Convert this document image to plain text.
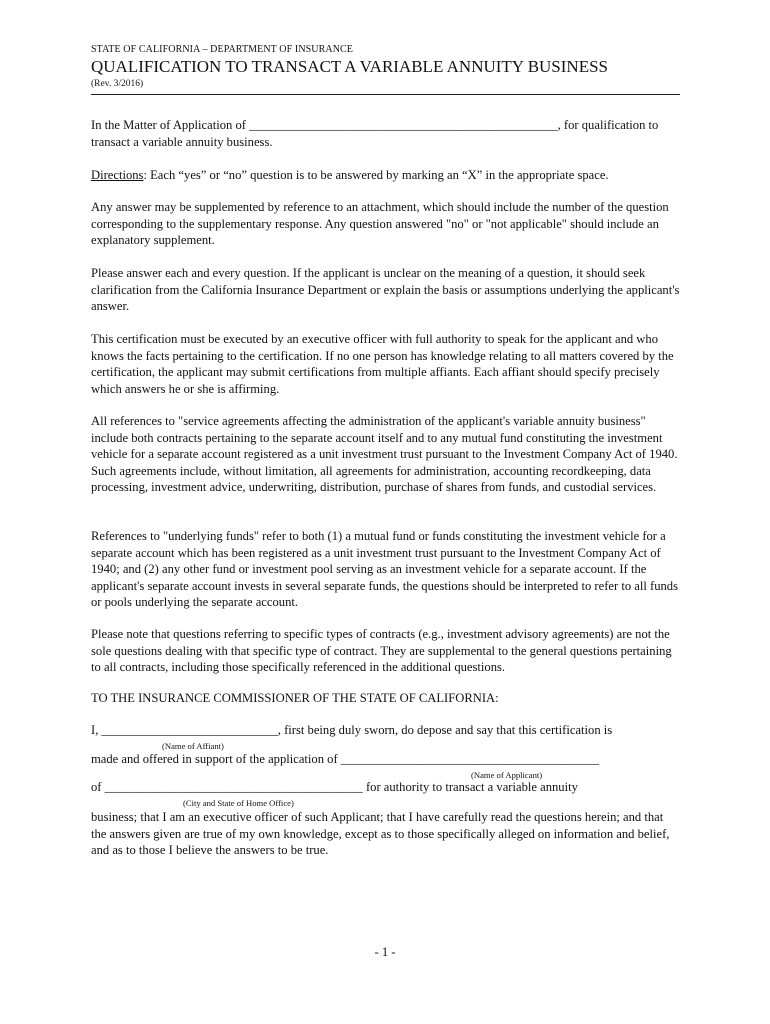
STATE OF CALIFORNIA – DEPARTMENT OF INSURANCE
QUALIFICATION TO TRANSACT A VARIABLE ANNUITY BUSINESS
(Rev. 3/2016)

In the Matter of Application of _________________________________________________, for qualification to transact a variable annuity business.

Directions: Each “yes” or “no” question is to be answered by marking an “X” in the appropriate space.

Any answer may be supplemented by reference to an attachment, which should include the number of the question corresponding to the supplementary response. Any question answered "no" or "not applicable" should include an explanatory supplement.

Please answer each and every question. If the applicant is unclear on the meaning of a question, it should seek clarification from the California Insurance Department or explain the basis or assumptions underlying the applicant's answer.

This certification must be executed by an executive officer with full authority to speak for the applicant and who knows the facts pertaining to the certification. If no one person has knowledge relating to all matters covered by the certification, the applicant may submit certifications from multiple affiants. Each affiant should specify precisely which answers he or she is affirming.

All references to "service agreements affecting the administration of the applicant's variable annuity business" include both contracts pertaining to the separate account itself and to any mutual fund constituting the investment vehicle for a separate account registered as a unit investment trust pursuant to the Investment Company Act of 1940. Such agreements include, without limitation, all agreements for administration, accounting recordkeeping, data processing, investment advice, underwriting, distribution, purchase of shares from funds, and custodial services.

References to "underlying funds" refer to both (1) a mutual fund or funds constituting the investment vehicle for a separate account which has been registered as a unit investment trust pursuant to the Investment Company Act of 1940; and (2) any other fund or investment pool serving as an investment vehicle for a separate account. If the applicant's separate account invests in several separate funds, the questions should be interpreted to refer to all funds or pools underlying the separate account.

Please note that questions referring to specific types of contracts (e.g., investment advisory agreements) are not the sole questions dealing with that specific type of contract. They are supplemental to the general questions pertaining to all contracts, including those specifically referenced in the additional questions.

TO THE INSURANCE COMMISSIONER OF THE STATE OF CALIFORNIA:
I, ____________________________, first being duly sworn, do depose and say that this certification is
(Name of Affiant)
made and offered in support of the application of _________________________________________
(Name of Applicant)
of _________________________________________ for authority to transact a variable annuity
(City and State of Home Office)

business; that I am an executive officer of such Applicant; that I have carefully read the questions herein; and that the answers given are true of my own knowledge, except as to those specifically alleged on information and belief, and as to those I believe the answers to be true.

- 1 -
